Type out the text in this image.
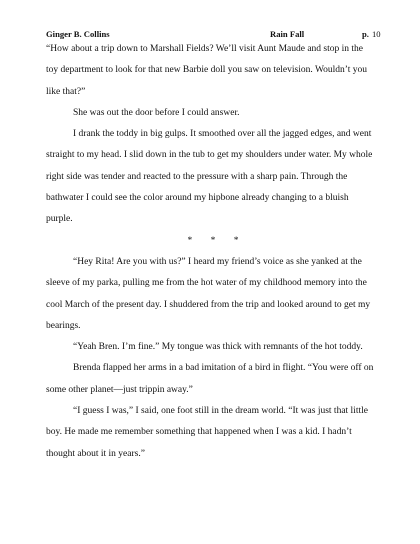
Ginger B. Collins	Rain Fall	p. 10

“How about a trip down to Marshall Fields? We’ll visit Aunt Maude and stop in the toy department to look for that new Barbie doll you saw on television. Wouldn’t you like that?”

She was out the door before I could answer.

I drank the toddy in big gulps. It smoothed over all the jagged edges, and went straight to my head. I slid down in the tub to get my shoulders under water. My whole right side was tender and reacted to the pressure with a sharp pain. Through the bathwater I could see the color around my hipbone already changing to a bluish purple.

* * *

“Hey Rita! Are you with us?” I heard my friend’s voice as she yanked at the sleeve of my parka, pulling me from the hot water of my childhood memory into the cool March of the present day. I shuddered from the trip and looked around to get my bearings.

“Yeah Bren. I’m fine.” My tongue was thick with remnants of the hot toddy.

Brenda flapped her arms in a bad imitation of a bird in flight. “You were off on some other planet—just trippin away.”

“I guess I was,” I said, one foot still in the dream world. “It was just that little boy. He made me remember something that happened when I was a kid. I hadn’t thought about it in years.”
